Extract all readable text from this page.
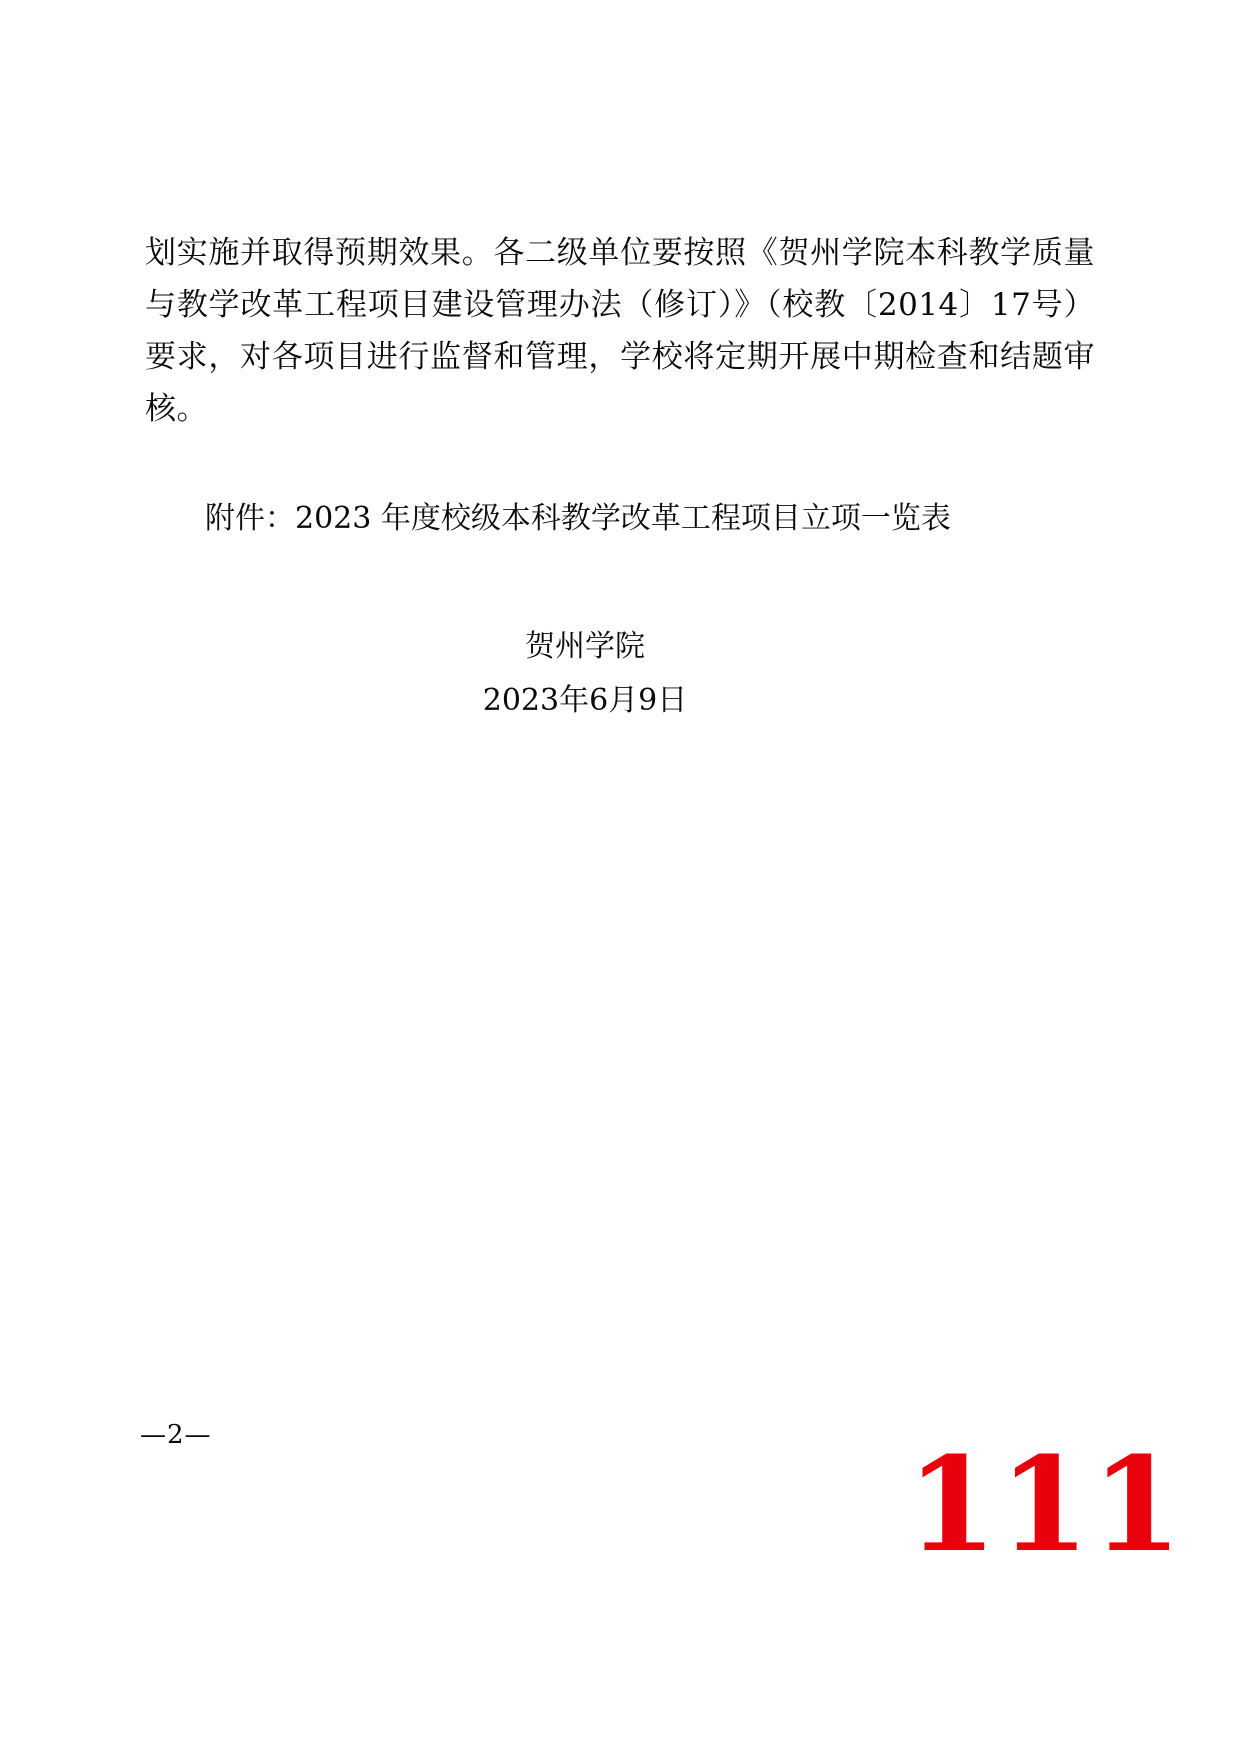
划实施并取得预期效果。各二级单位要按照《贺州学院本科教学质量与教学改革工程项目建设管理办法（修订）》（校教〔2014〕17号）要求，对各项目进行监督和管理，学校将定期开展中期检查和结题审核。

附件：2023 年度校级本科教学改革工程项目立项一览表

贺州学院
2023年6月9日
—2—	111
